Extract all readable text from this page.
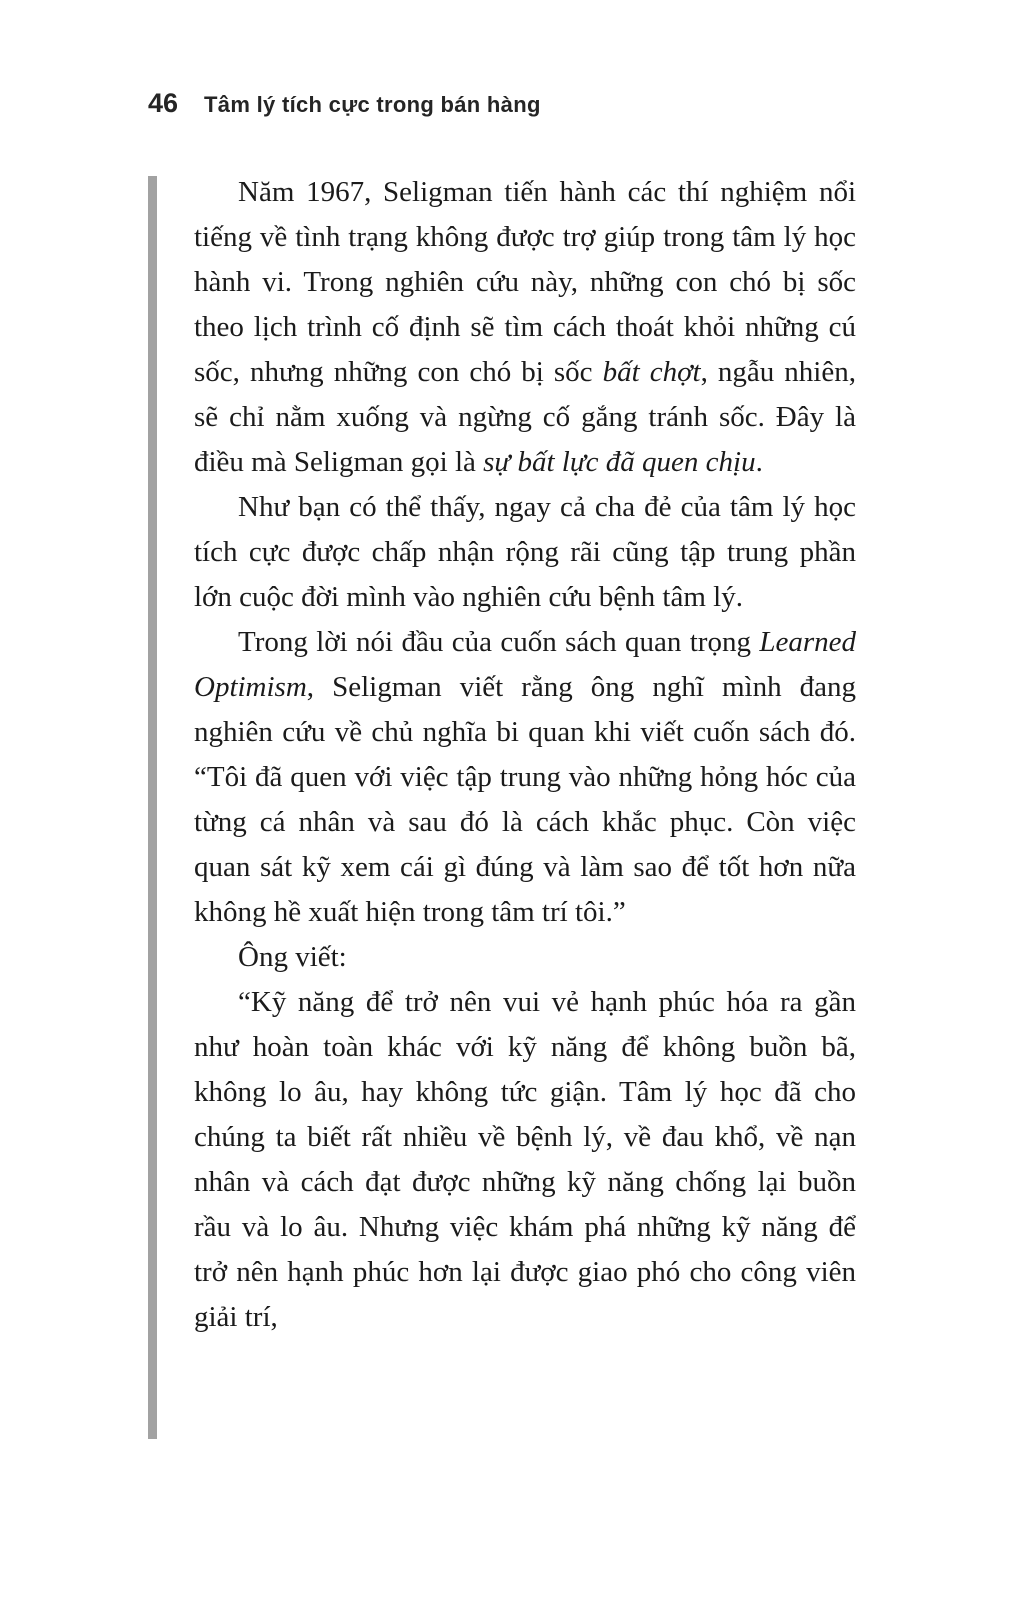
46 Tâm lý tích cực trong bán hàng

Năm 1967, Seligman tiến hành các thí nghiệm nổi tiếng về tình trạng không được trợ giúp trong tâm lý học hành vi. Trong nghiên cứu này, những con chó bị sốc theo lịch trình cố định sẽ tìm cách thoát khỏi những cú sốc, nhưng những con chó bị sốc bất chợt, ngẫu nhiên, sẽ chỉ nằm xuống và ngừng cố gắng tránh sốc. Đây là điều mà Seligman gọi là sự bất lực đã quen chịu.

Như bạn có thể thấy, ngay cả cha đẻ của tâm lý học tích cực được chấp nhận rộng rãi cũng tập trung phần lớn cuộc đời mình vào nghiên cứu bệnh tâm lý.

Trong lời nói đầu của cuốn sách quan trọng Learned Optimism, Seligman viết rằng ông nghĩ mình đang nghiên cứu về chủ nghĩa bi quan khi viết cuốn sách đó. “Tôi đã quen với việc tập trung vào những hỏng hóc của từng cá nhân và sau đó là cách khắc phục. Còn việc quan sát kỹ xem cái gì đúng và làm sao để tốt hơn nữa không hề xuất hiện trong tâm trí tôi.”

Ông viết:

“Kỹ năng để trở nên vui vẻ hạnh phúc hóa ra gần như hoàn toàn khác với kỹ năng để không buồn bã, không lo âu, hay không tức giận. Tâm lý học đã cho chúng ta biết rất nhiều về bệnh lý, về đau khổ, về nạn nhân và cách đạt được những kỹ năng chống lại buồn rầu và lo âu. Nhưng việc khám phá những kỹ năng để trở nên hạnh phúc hơn lại được giao phó cho công viên giải trí,
